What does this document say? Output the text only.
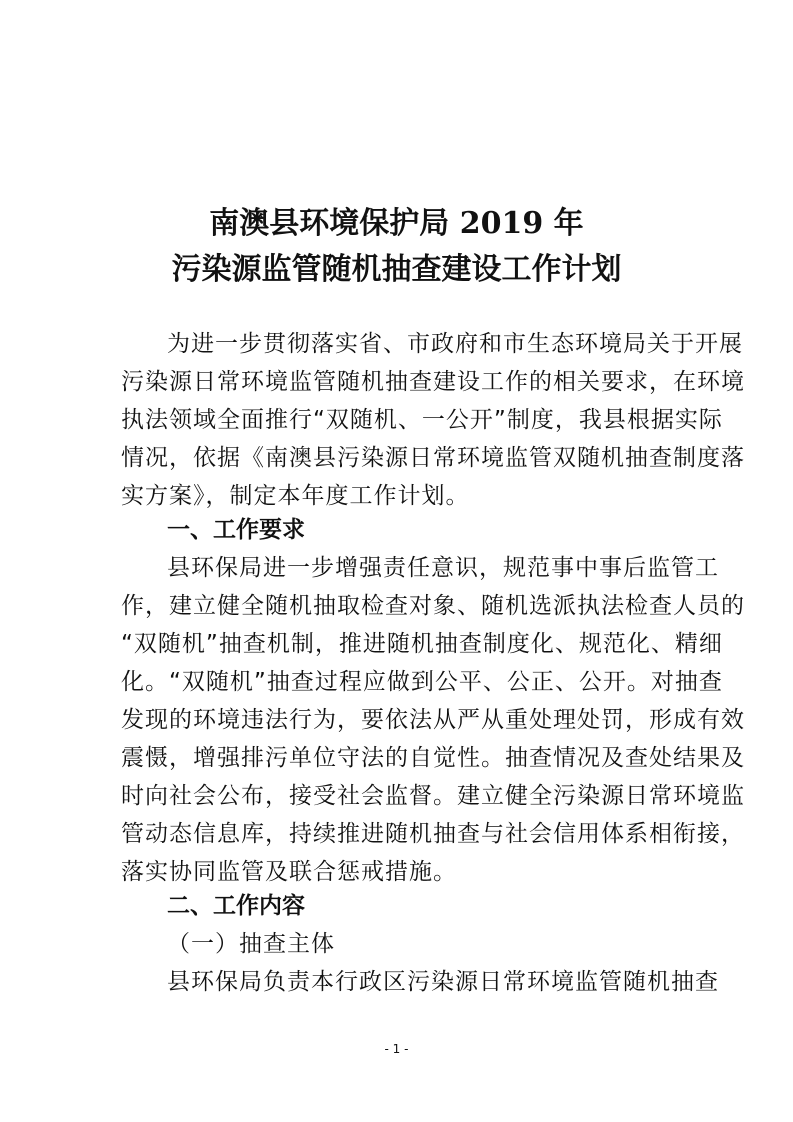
南澳县环境保护局 2019 年
污染源监管随机抽查建设工作计划
为进一步贯彻落实省、市政府和市生态环境局关于开展
污染源日常环境监管随机抽查建设工作的相关要求，在环境
执法领域全面推行“双随机、一公开”制度，我县根据实际
情况，依据《南澳县污染源日常环境监管双随机抽查制度落
实方案》，制定本年度工作计划。
一、工作要求
县环保局进一步增强责任意识，规范事中事后监管工
作，建立健全随机抽取检查对象、随机选派执法检查人员的
“双随机”抽查机制，推进随机抽查制度化、规范化、精细
化。“双随机”抽查过程应做到公平、公正、公开。对抽查
发现的环境违法行为，要依法从严从重处理处罚，形成有效
震慑，增强排污单位守法的自觉性。抽查情况及查处结果及
时向社会公布，接受社会监督。建立健全污染源日常环境监
管动态信息库，持续推进随机抽查与社会信用体系相衔接，
落实协同监管及联合惩戒措施。
二、工作内容
（一）抽查主体
县环保局负责本行政区污染源日常环境监管随机抽查
- 1 -
